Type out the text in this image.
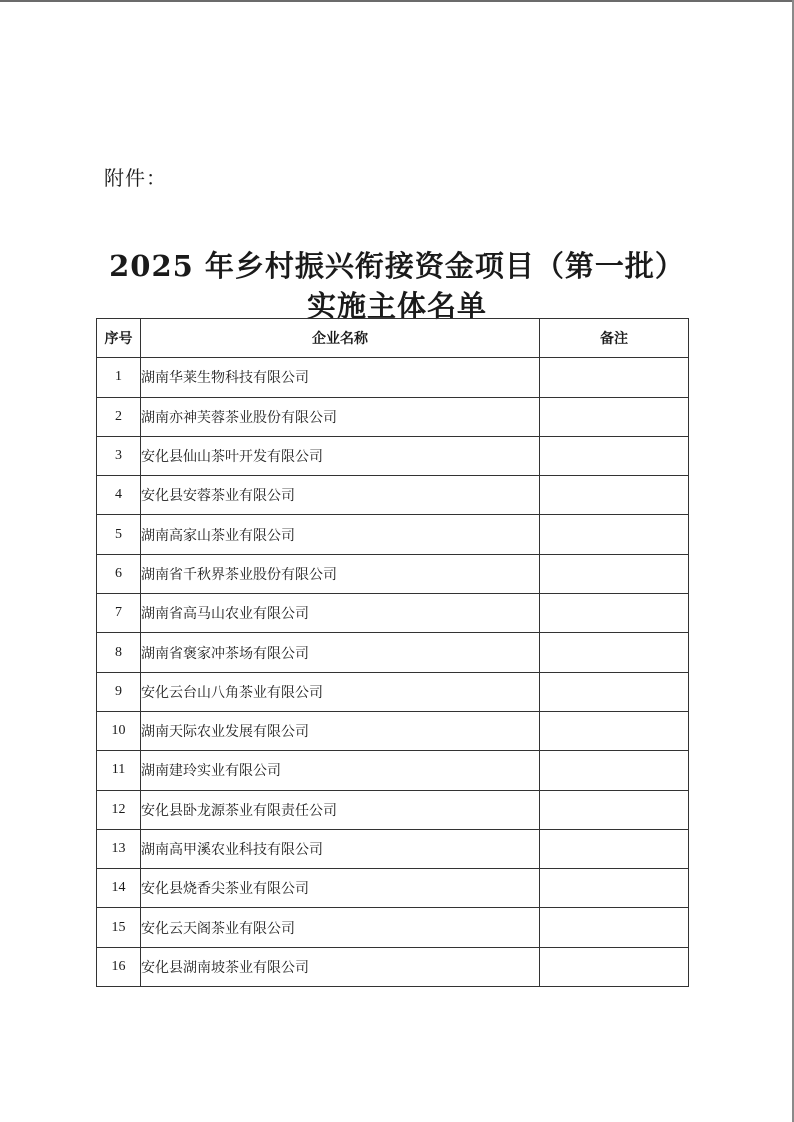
附件：
2025 年乡村振兴衔接资金项目（第一批）
实施主体名单
序号	企业名称	备注
1	湖南华莱生物科技有限公司	
2	湖南亦神芙蓉茶业股份有限公司	
3	安化县仙山茶叶开发有限公司	
4	安化县安蓉茶业有限公司	
5	湖南高家山茶业有限公司	
6	湖南省千秋界茶业股份有限公司	
7	湖南省高马山农业有限公司	
8	湖南省褒家冲茶场有限公司	
9	安化云台山八角茶业有限公司	
10	湖南天际农业发展有限公司	
11	湖南建玲实业有限公司	
12	安化县卧龙源茶业有限责任公司	
13	湖南高甲溪农业科技有限公司	
14	安化县烧香尖茶业有限公司	
15	安化云天阁茶业有限公司	
16	安化县湖南坡茶业有限公司	
